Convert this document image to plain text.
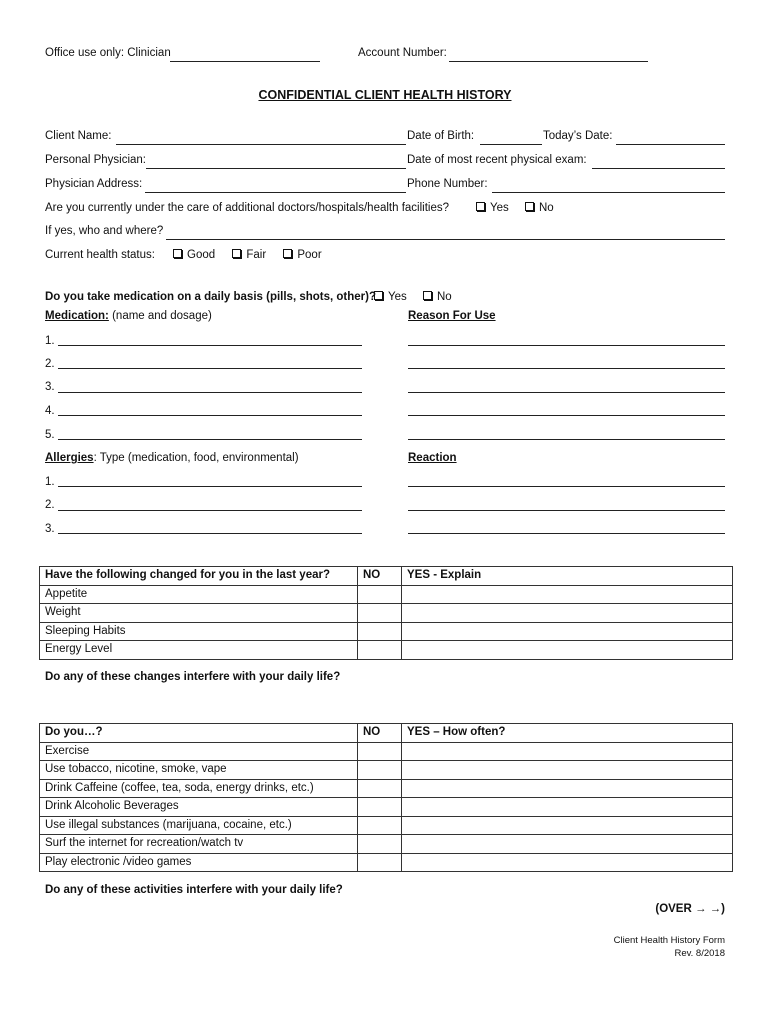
Office use only: Clinician	Account Number:
CONFIDENTIAL CLIENT HEALTH HISTORY
Client Name:	Date of Birth:	Today’s Date:
Personal Physician:	Date of most recent physical exam:
Physician Address:	Phone Number:
Are you currently under the care of additional doctors/hospitals/health facilities?	Yes	No
If yes, who and where?
Current health status:	Good	Fair	Poor
Do you take medication on a daily basis (pills, shots, other)?	Yes	No
Medication: (name and dosage)	Reason For Use
1.
2.
3.
4.
5.
Allergies: Type (medication, food, environmental)	Reaction
1.
2.
3.
Have the following changed for you in the last year?	NO	YES - Explain
Appetite		
Weight		
Sleeping Habits		
Energy Level		
Do any of these changes interfere with your daily life?
Do you…?	NO	YES – How often?
Exercise		
Use tobacco, nicotine, smoke, vape		
Drink Caffeine (coffee, tea, soda, energy drinks, etc.)		
Drink Alcoholic Beverages		
Use illegal substances (marijuana, cocaine, etc.)		
Surf the internet for recreation/watch tv		
Play electronic /video games		
Do any of these activities interfere with your daily life?
(OVER → →)
Client Health History Form
Rev. 8/2018
